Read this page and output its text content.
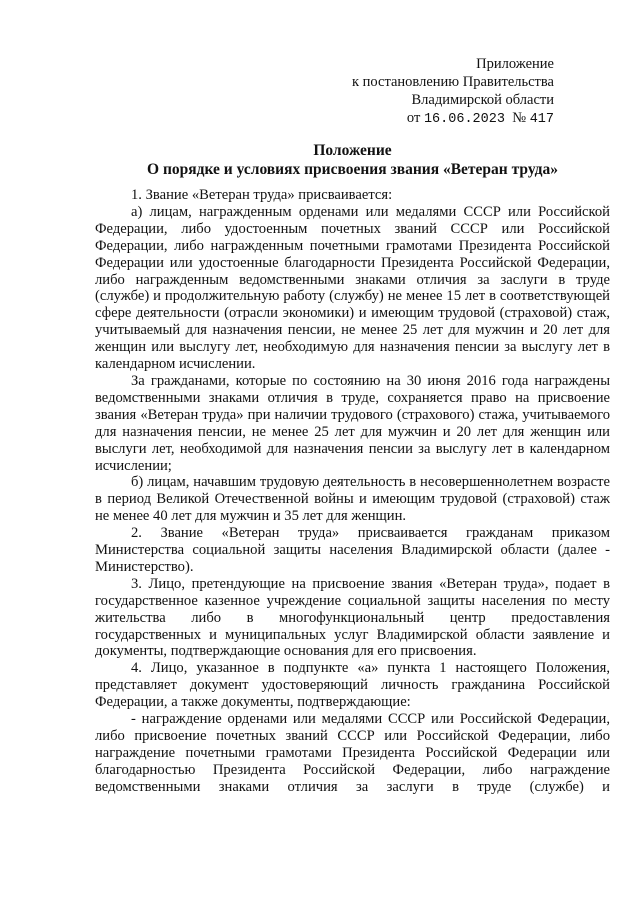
Приложение
к постановлению Правительства
Владимирской области
от 16.06.2023  № 417
Положение
О порядке и условиях присвоения звания «Ветеран труда»

1. Звание «Ветеран труда» присваивается:

а) лицам, награжденным орденами или медалями СССР или Российской Федерации, либо удостоенным почетных званий СССР или Российской Федерации, либо награжденным почетными грамотами Президента Российской Федерации или удостоенные благодарности Президента Российской Федерации, либо награжденным ведомственными знаками отличия за заслуги в труде (службе) и продолжительную работу (службу) не менее 15 лет в соответствующей сфере деятельности (отрасли экономики) и имеющим трудовой (страховой) стаж, учитываемый для назначения пенсии, не менее 25 лет для мужчин и 20 лет для женщин или выслугу лет, необходимую для назначения пенсии за выслугу лет в календарном исчислении.

За гражданами, которые по состоянию на 30 июня 2016 года награждены ведомственными знаками отличия в труде, сохраняется право на присвоение звания «Ветеран труда» при наличии трудового (страхового) стажа, учитываемого для назначения пенсии, не менее 25 лет для мужчин и 20 лет для женщин или выслуги лет, необходимой для назначения пенсии за выслугу лет в календарном исчислении;

б) лицам, начавшим трудовую деятельность в несовершеннолетнем возрасте в период Великой Отечественной войны и имеющим трудовой (страховой) стаж не менее 40 лет для мужчин и 35 лет для женщин.

2. Звание «Ветеран труда» присваивается гражданам приказом Министерства социальной защиты населения Владимирской области (далее - Министерство).

3. Лицо, претендующие на присвоение звания «Ветеран труда», подает в государственное казенное учреждение социальной защиты населения по месту жительства либо в многофункциональный центр предоставления государственных и муниципальных услуг Владимирской области заявление и документы, подтверждающие основания для его присвоения.

4. Лицо, указанное в подпункте «а» пункта 1 настоящего Положения, представляет документ удостоверяющий личность гражданина Российской Федерации, а также документы, подтверждающие:

- награждение орденами или медалями СССР или Российской Федерации, либо присвоение почетных званий СССР или Российской Федерации, либо награждение почетными грамотами Президента Российской Федерации или благодарностью Президента Российской Федерации, либо награждение ведомственными знаками отличия за заслуги в труде (службе) и
